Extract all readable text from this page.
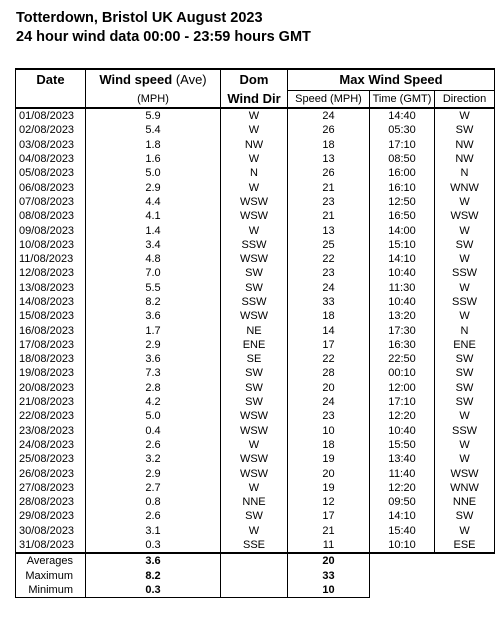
Totterdown, Bristol UK August 2023
24 hour wind data 00:00 - 23:59 hours GMT
Date	Wind speed (Ave)	Dom	Max Wind Speed		
	(MPH)	Wind Dir	Speed (MPH)	Time (GMT)	Direction
01/08/2023	5.9	W	24	14:40	W
02/08/2023	5.4	W	26	05:30	SW
03/08/2023	1.8	NW	18	17:10	NW
04/08/2023	1.6	W	13	08:50	NW
05/08/2023	5.0	N	26	16:00	N
06/08/2023	2.9	W	21	16:10	WNW
07/08/2023	4.4	WSW	23	12:50	W
08/08/2023	4.1	WSW	21	16:50	WSW
09/08/2023	1.4	W	13	14:00	W
10/08/2023	3.4	SSW	25	15:10	SW
11/08/2023	4.8	WSW	22	14:10	W
12/08/2023	7.0	SW	23	10:40	SSW
13/08/2023	5.5	SW	24	11:30	W
14/08/2023	8.2	SSW	33	10:40	SSW
15/08/2023	3.6	WSW	18	13:20	W
16/08/2023	1.7	NE	14	17:30	N
17/08/2023	2.9	ENE	17	16:30	ENE
18/08/2023	3.6	SE	22	22:50	SW
19/08/2023	7.3	SW	28	00:10	SW
20/08/2023	2.8	SW	20	12:00	SW
21/08/2023	4.2	SW	24	17:10	SW
22/08/2023	5.0	WSW	23	12:20	W
23/08/2023	0.4	WSW	10	10:40	SSW
24/08/2023	2.6	W	18	15:50	W
25/08/2023	3.2	WSW	19	13:40	W
26/08/2023	2.9	WSW	20	11:40	WSW
27/08/2023	2.7	W	19	12:20	WNW
28/08/2023	0.8	NNE	12	09:50	NNE
29/08/2023	2.6	SW	17	14:10	SW
30/08/2023	3.1	W	21	15:40	W
31/08/2023	0.3	SSE	11	10:10	ESE
Averages	3.6		20		
Maximum	8.2		33		
Minimum	0.3		10		
